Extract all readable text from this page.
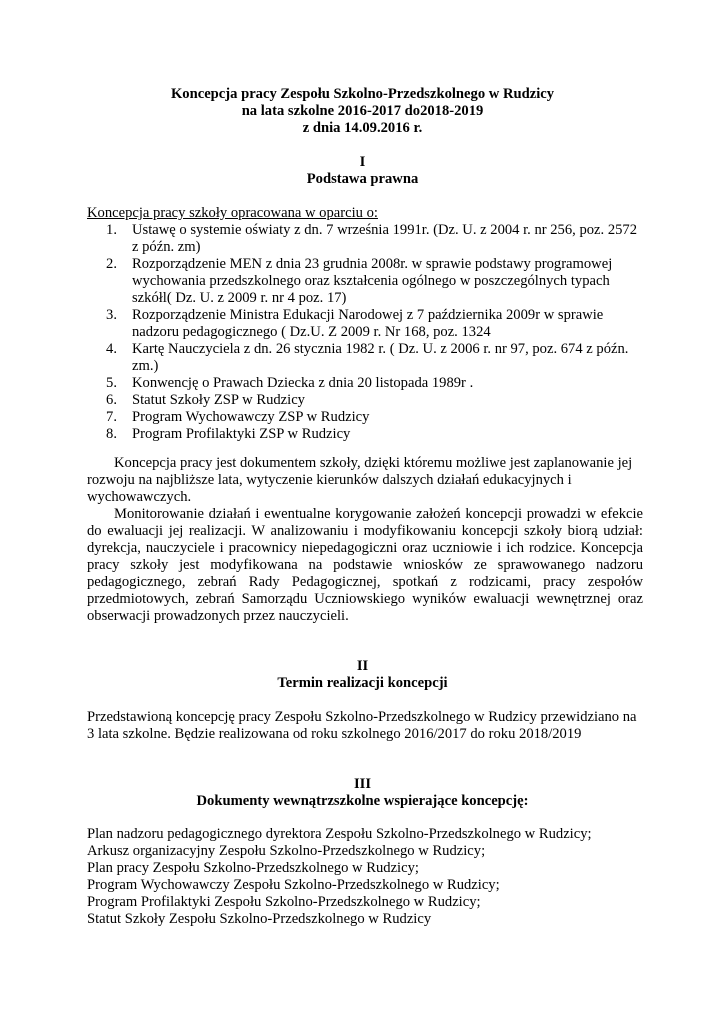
Koncepcja pracy Zespołu Szkolno-Przedszkolnego w Rudzicy
na lata szkolne 2016-2017 do2018-2019
z dnia 14.09.2016 r.
I
Podstawa prawna
Koncepcja pracy szkoły opracowana w oparciu o:
1. Ustawę o systemie oświaty z dn. 7 września 1991r. (Dz. U. z 2004 r. nr 256, poz. 2572 z późn. zm)
2. Rozporządzenie MEN z dnia 23 grudnia 2008r. w sprawie podstawy programowej wychowania przedszkolnego oraz kształcenia ogólnego w poszczególnych typach szkółl( Dz. U. z 2009 r. nr 4 poz. 17)
3. Rozporządzenie Ministra Edukacji Narodowej z 7 października 2009r w sprawie nadzoru pedagogicznego ( Dz.U. Z 2009 r. Nr 168, poz. 1324
4. Kartę Nauczyciela z dn. 26 stycznia 1982 r. ( Dz. U. z 2006 r. nr 97, poz. 674 z późn. zm.)
5. Konwencję o Prawach Dziecka z dnia 20 listopada 1989r .
6. Statut Szkoły ZSP w Rudzicy
7. Program Wychowawczy ZSP w Rudzicy
8. Program Profilaktyki ZSP w Rudzicy
Koncepcja pracy jest dokumentem szkoły, dzięki któremu możliwe jest zaplanowanie jej rozwoju na najbliższe lata, wytyczenie kierunków dalszych działań edukacyjnych i wychowawczych.
Monitorowanie działań i ewentualne korygowanie założeń koncepcji prowadzi w efekcie do ewaluacji jej realizacji. W analizowaniu i modyfikowaniu koncepcji szkoły biorą udział: dyrekcja, nauczyciele i pracownicy niepedagogiczni oraz uczniowie i ich rodzice. Koncepcja pracy szkoły jest modyfikowana na podstawie wniosków ze sprawowanego nadzoru pedagogicznego, zebrań Rady Pedagogicznej, spotkań z rodzicami, pracy zespołów przedmiotowych, zebrań Samorządu Uczniowskiego wyników ewaluacji wewnętrznej oraz obserwacji prowadzonych przez nauczycieli.
II
Termin realizacji koncepcji
Przedstawioną koncepcję pracy Zespołu Szkolno-Przedszkolnego w Rudzicy przewidziano na 3 lata szkolne. Będzie realizowana od roku szkolnego 2016/2017 do roku 2018/2019
III
Dokumenty wewnątrzszkolne wspierające koncepcję:
Plan nadzoru pedagogicznego dyrektora Zespołu Szkolno-Przedszkolnego w Rudzicy;
Arkusz organizacyjny Zespołu Szkolno-Przedszkolnego w Rudzicy;
Plan pracy Zespołu Szkolno-Przedszkolnego w Rudzicy;
Program Wychowawczy Zespołu Szkolno-Przedszkolnego w Rudzicy;
Program Profilaktyki Zespołu Szkolno-Przedszkolnego w Rudzicy;
Statut Szkoły Zespołu Szkolno-Przedszkolnego w Rudzicy
